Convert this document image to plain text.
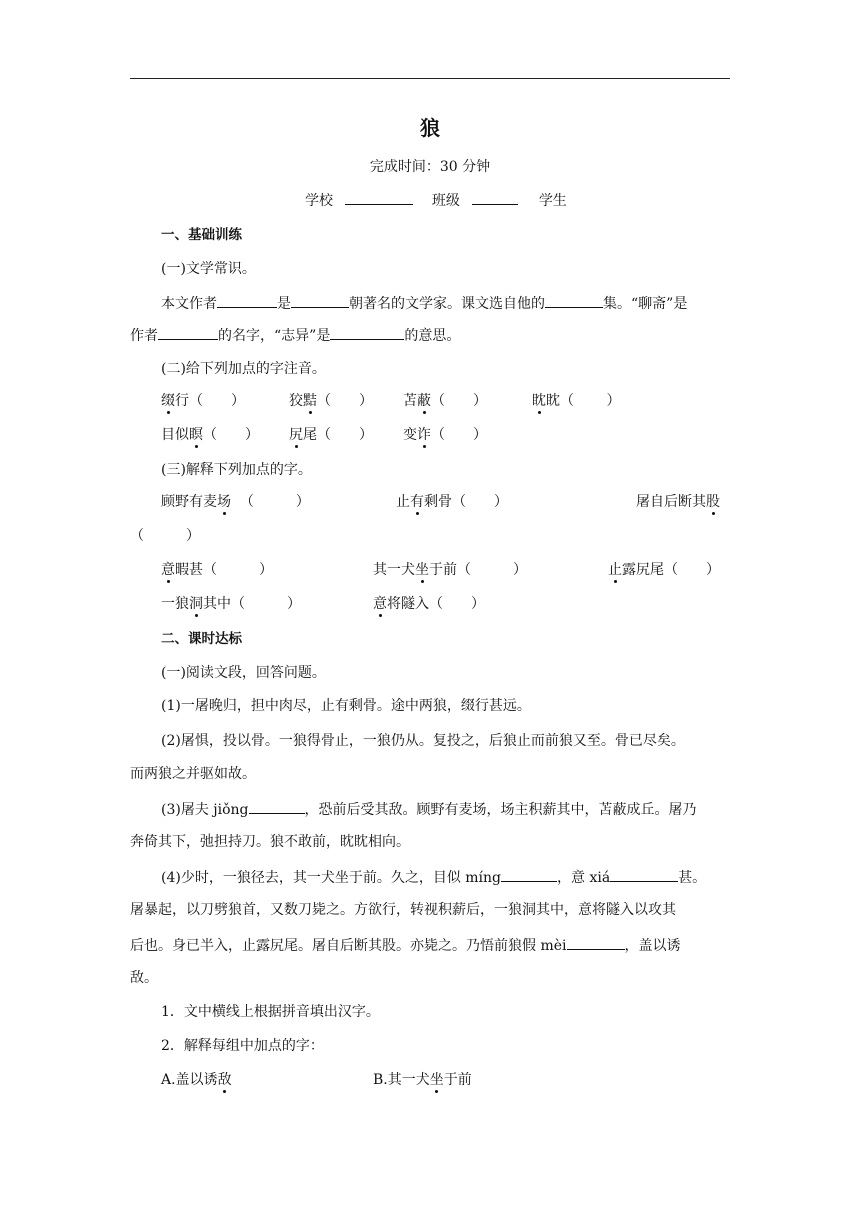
狼
完成时间：30 分钟
学校	班级	学生
一、基础训练
(一)文学常识。
本文作者	是	朝著名的文学家。课文选自他的	集。“聊斋”是
作者	的名字，“志异”是	的意思。
(二)给下列加点的字注音。
缀行（　　）	狡黠（　　） 苫蔽（　　）	眈眈（　　 ）
目似瞑（　　） 尻尾（　　） 变诈（　　）
(三)解释下列加点的字。
顾野有麦场  （　　　）	止有剩骨（　　）	屠自后断其股
（　　　）
意暇甚（　　　）	其一犬坐于前（　　　）	止露尻尾（　　）
一狼洞其中（　　　）	意将隧入（　　）
二、课时达标
(一)阅读文段，回答问题。
(1)一屠晚归，担中肉尽，止有剩骨。途中两狼，缀行甚远。
(2)屠惧，投以骨。一狼得骨止，一狼仍从。复投之，后狼止而前狼又至。骨已尽矣。
而两狼之并驱如故。
(3)屠夫 jiǒng	，恐前后受其敌。顾野有麦场，场主积薪其中，苫蔽成丘。屠乃
奔倚其下，弛担持刀。狼不敢前，眈眈相向。
(4)少时，一狼径去，其一犬坐于前。久之，目似 míng	，意 xiá	甚。
屠暴起，以刀劈狼首，又数刀毙之。方欲行，转视积薪后，一狼洞其中，意将隧入以攻其
后也。身已半入，止露尻尾。屠自后断其股。亦毙之。乃悟前狼假 mèi	，盖以诱
敌。
1．文中横线上根据拼音填出汉字。
2．解释每组中加点的字：
A.盖以诱敌	B.其一犬坐于前
